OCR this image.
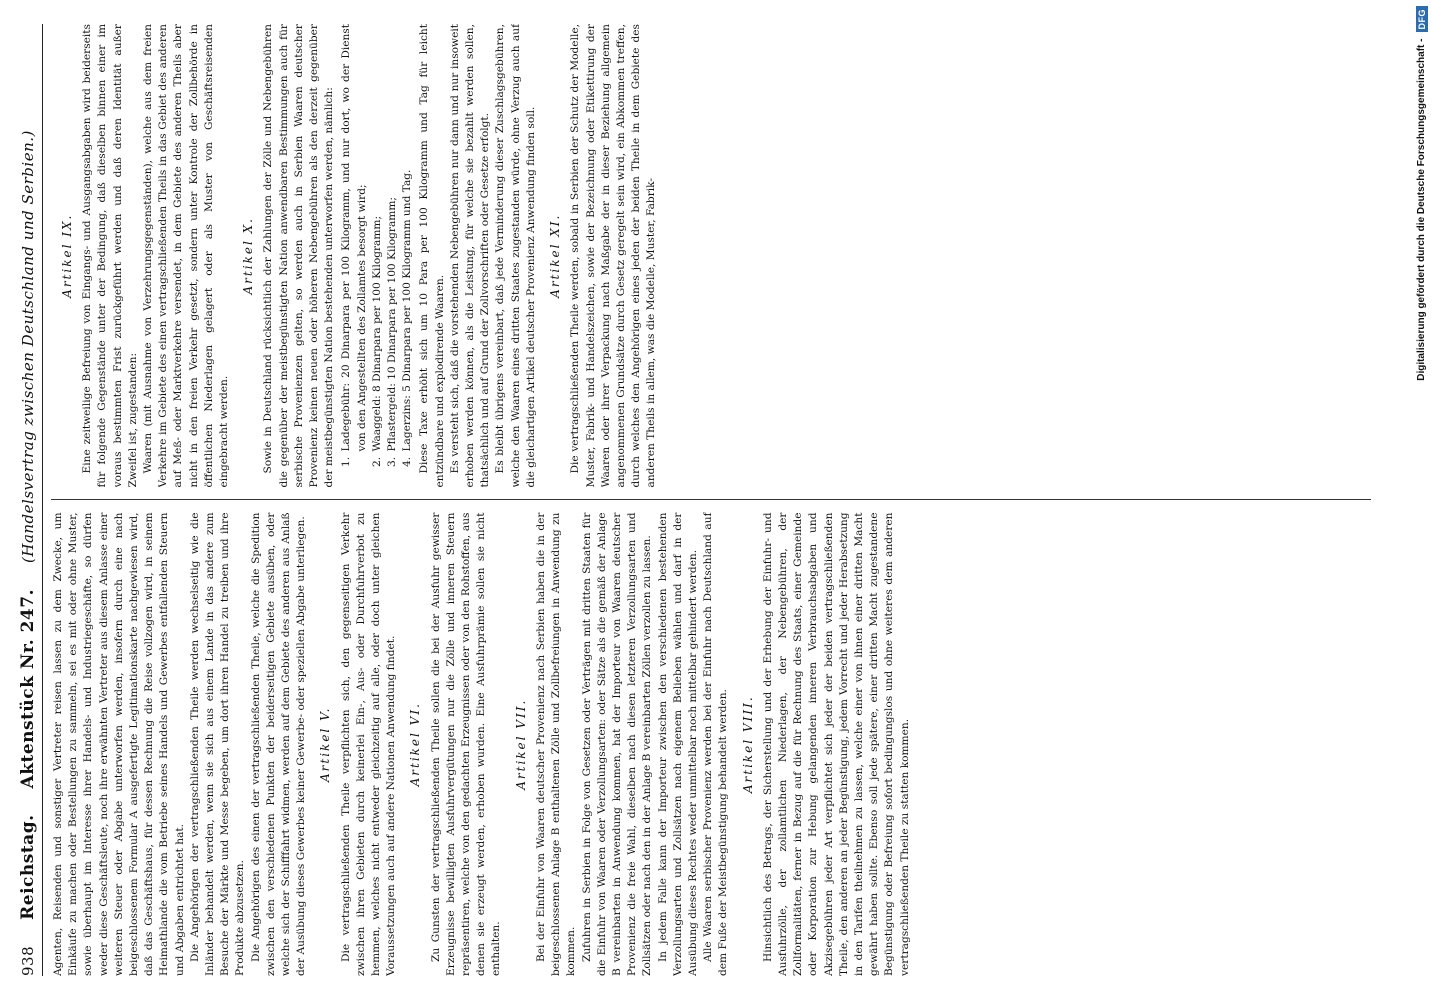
938
Reichstag.
Aktenstück Nr. 247.
(Handelsvertrag zwischen Deutschland und Serbien.)

Agenten, Reisenden und sonstiger Vertreter reisen lassen zu dem Zwecke, um Einkäufe zu machen oder Bestellungen zu sammeln, sei es mit oder ohne Muster, sowie überhaupt im Interesse ihrer Handels- und Industriegeschäfte, so dürfen weder diese Geschäftsleute, noch ihre erwähnten Vertreter aus diesem Anlasse einer weiteren Steuer oder Abgabe unterworfen werden, insofern durch eine nach beigeschlossenem Formular A ausgefertigte Legitimationskarte nachgewiesen wird, daß das Geschäftshaus, für dessen Rechnung die Reise vollzogen wird, in seinem Heimathlande die vom Betriebe seines Handels und Gewerbes entfallenden Steuern und Abgaben entrichtet hat. Die Angehörigen der vertragschließenden Theile werden wechselseitig wie die Inländer behandelt werden, wenn sie sich aus einem Lande in das andere zum Besuche der Märkte und Messe begeben, um dort ihren Handel zu treiben und ihre Produkte abzusetzen. Die Angehörigen des einen der vertragschließenden Theile, welche die Spedition zwischen den verschiedenen Punkten der beiderseitigen Gebiete ausüben, oder welche sich der Schifffahrt widmen, werden auf dem Gebiete des anderen aus Anlaß der Ausübung dieses Gewerbes keiner Gewerbe- oder speziellen Abgabe unterliegen. Artikel V. Die vertragschließenden Theile verpflichten sich, den gegenseitigen Verkehr zwischen ihren Gebieten durch keinerlei Ein-, Aus- oder Durchfuhrverbot zu hemmen, welches nicht entweder gleichzeitig auf alle, oder doch unter gleichen Voraussetzungen auch auf andere Nationen Anwendung findet. Artikel VI. Zu Gunsten der vertragschließenden Theile sollen die bei der Ausfuhr gewisser Erzeugnisse bewilligten Ausfuhrvergütungen nur die Zölle und inneren Steuern repräsentiren, welche von den gedachten Erzeugnissen oder von den Rohstoffen, aus denen sie erzeugt werden, erhoben wurden. Eine Ausfuhrprämie sollen sie nicht enthalten.

Artikel VII. Bei der Einfuhr von Waaren deutscher Provenienz nach Serbien haben die in der beigeschlossenen Anlage B enthaltenen Zölle und Zollbefreiungen in Anwendung zu kommen. Zufuhren in Serbien in Folge von Gesetzen oder Verträgen mit dritten Staaten für die Einfuhr von Waaren oder Verzollungsarten: oder Sätze als die gemäß der Anlage B vereinbarten in Anwendung kommen, hat der Importeur von Waaren deutscher Provenienz die freie Wahl, dieselben nach diesen letzteren Verzollungsarten und Zollsätzen oder nach den in der Anlage B vereinbarten Zöllen verzollen zu lassen. In jedem Falle kann der Importeur zwischen den verschiedenen bestehenden Verzollungsarten und Zollsätzen nach eigenem Belieben wählen und darf in der Ausübung dieses Rechtes weder unmittelbar noch mittelbar gehindert werden. Alle Waaren serbischer Provenienz werden bei der Einfuhr nach Deutschland auf dem Fuße der Meistbegünstigung behandelt werden. Artikel VIII. Hinsichtlich des Betrags, der Sicherstellung und der Erhebung der Einfuhr- und Ausfuhrzölle, der zollamtlichen Niederlagen, der Nebengebühren, der Zollformalitäten, ferner in Bezug auf die für Rechnung des Staats, einer Gemeinde oder Korporation zur Hebung gelangenden inneren Verbrauchsabgaben und Akzisegebühren jeder Art verpflichtet sich jeder der beiden vertragschließenden Theile, den anderen an jeder Begünstigung, jedem Vorrecht und jeder Herabsetzung in den Tarifen theilnehmen zu lassen, welche einer von ihnen einer dritten Macht gewährt haben sollte. Ebenso soll jede spätere, einer dritten Macht zugestandene Begünstigung oder Befreiung sofort bedingungslos und ohne weiteres dem anderen vertragschließenden Theile zu statten kommen.

Artikel IX. Eine zeitweilige Befreiung von Eingangs- und Ausgangsabgaben wird beiderseits für folgende Gegenstände unter der Bedingung, daß dieselben binnen einer im voraus bestimmten Frist zurückgeführt werden und daß deren Identität außer Zweifel ist, zugestanden: Waaren (mit Ausnahme von Verzehrungsgegenständen), welche aus dem freien Verkehre im Gebiete des einen vertragschließenden Theils in das Gebiet des anderen auf Meß- oder Marktverkehre versendet, in dem Gebiete des anderen Theils aber nicht in den freien Verkehr gesetzt, sondern unter Kontrole der Zollbehörde in öffentlichen Niederlagen gelagert oder als Muster von Geschäftsreisenden eingebracht werden.

Artikel X. Sowie in Deutschland rücksichtlich der Zahlungen der Zölle und Nebengebühren die gegenüber der meistbegünstigten Nation anwendbaren Bestimmungen auch für serbische Provenienzen gelten, so werden auch in Serbien Waaren deutscher Provenienz keinen neuen oder höheren Nebengebühren als den derzeit gegenüber der meistbegünstigten Nation bestehenden unterworfen werden, nämlich: 1. Ladegebühr: 20 Dinarpara per 100 Kilogramm, und nur dort, wo der Dienst von den Angestellten des Zollamtes besorgt wird; 2. Waaggeld: 8 Dinarpara per 100 Kilogramm; 3. Pflastergeld: 10 Dinarpara per 100 Kilogramm; 4. Lagerzins: 5 Dinarpara per 100 Kilogramm und Tag. Diese Taxe erhöht sich um 10 Para per 100 Kilogramm und Tag für leicht entzündbare und explodirende Waaren. Es versteht sich, daß die vorstehenden Nebengebühren nur dann und nur insoweit erhoben werden können, als die Leistung, für welche sie bezahlt werden sollen, thatsächlich und auf Grund der Zollvorschriften oder Gesetze erfolgt. Es bleibt übrigens vereinbart, daß jede Verminderung dieser Zuschlagsgebühren, welche den Waaren eines dritten Staates zugestanden würde, ohne Verzug auch auf die gleichartigen Artikel deutscher Provenienz Anwendung finden soll. Artikel XI. Die vertragschließenden Theile werden, sobald in Serbien der Schutz der Modelle, Muster, Fabrik- und Handelszeichen, sowie der Bezeichnung oder Etikettirung der Waaren oder ihrer Verpackung nach Maßgabe der in dieser Beziehung allgemein angenommenen Grundsätze durch Gesetz geregelt sein wird, ein Abkommen treffen, durch welches den Angehörigen eines jeden der beiden Theile in dem Gebiete des anderen Theils in allem, was die Modelle, Muster, Fabrik-	Digitalisierung gefördert durch die Deutsche Forschungsgemeinschaft -
DFG
